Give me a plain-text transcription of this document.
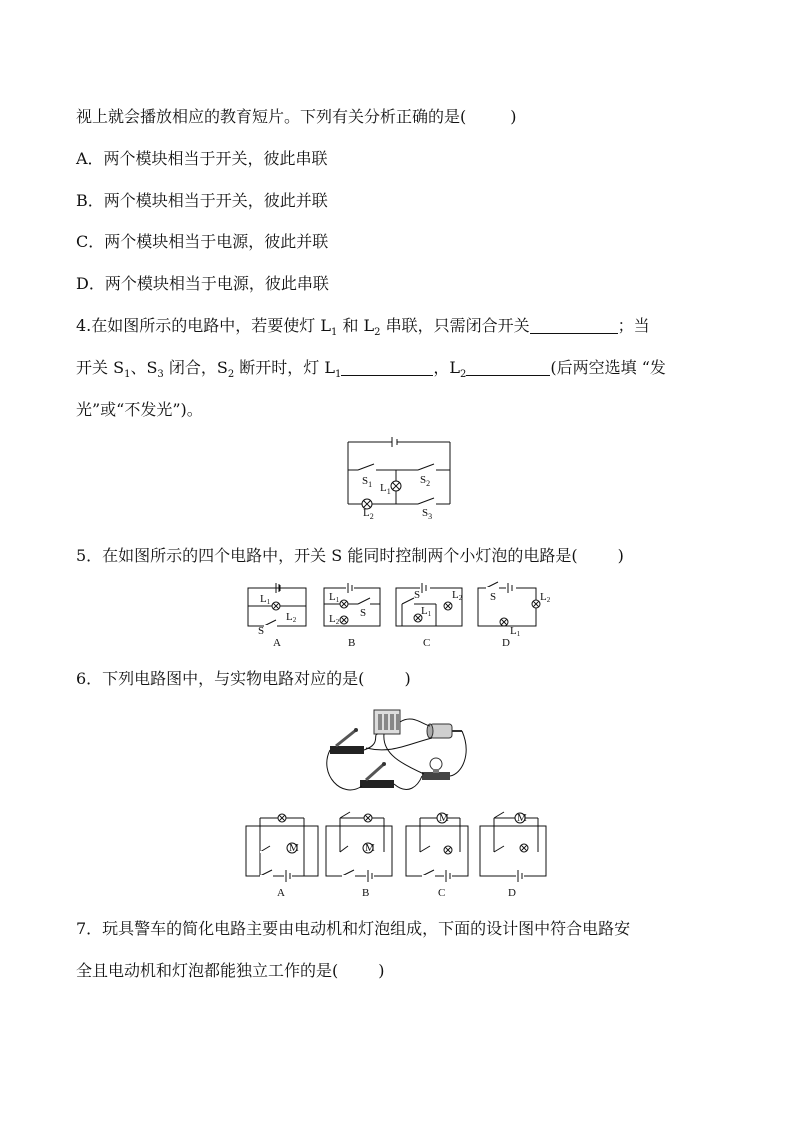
视上就会播放相应的教育短片。下列有关分析正确的是(	)
A．两个模块相当于开关，彼此串联
B．两个模块相当于开关，彼此并联
C．两个模块相当于电源，彼此并联
D．两个模块相当于电源，彼此串联
4.在如图所示的电路中，若要使灯 $L_1$ 和 $L_2$ 串联，只需闭合开关	；当
开关 $S_1$、$S_3$ 闭合，$S_2$ 断开时，灯 $L_1$	，$L_2$	(后两空选填 “发
光”或“不发光”)。
$S_1$ $L_1$
$S_2$
$L_2$	$S_3$
5．在如图所示的四个电路中，开关 S 能同时控制两个小灯泡的电路是(	)
L1
L2
S
L1
L2
S
S
L1
L2	S	L2
L1
A	B	C	D
6．下列电路图中，与实物电路对应的是(	)
M	M
M	M
A	B	C	D
7．玩具警车的简化电路主要由电动机和灯泡组成，下面的设计图中符合电路安
全且电动机和灯泡都能独立工作的是(	)
